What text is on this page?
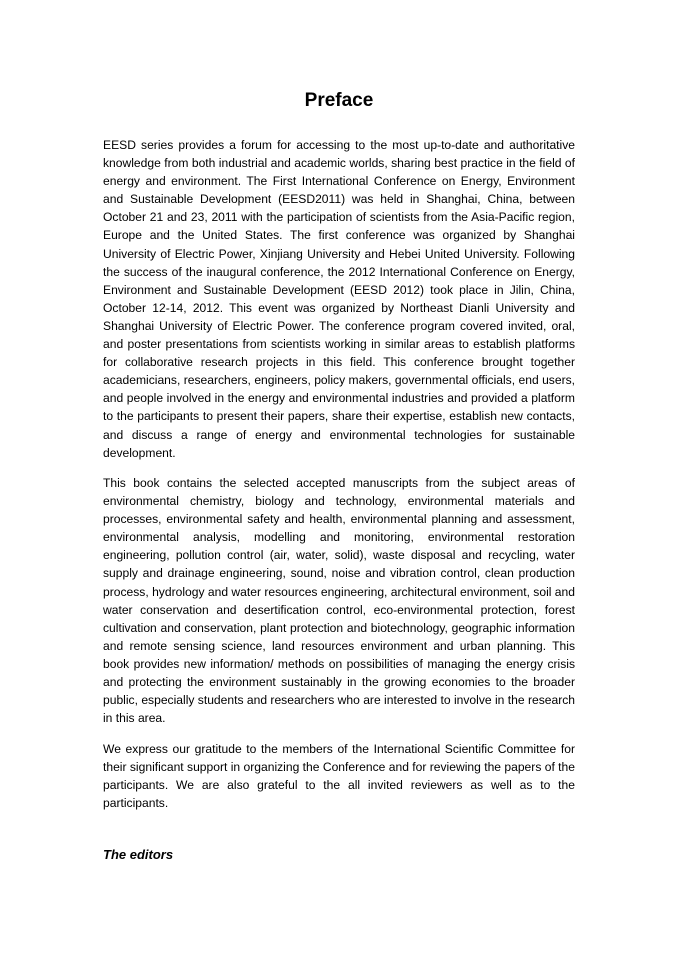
Preface

EESD series provides a forum for accessing to the most up-to-date and authoritative knowledge from both industrial and academic worlds, sharing best practice in the field of energy and environment. The First International Conference on Energy, Environment and Sustainable Development (EESD2011) was held in Shanghai, China, between October 21 and 23, 2011 with the participation of scientists from the Asia-Pacific region, Europe and the United States. The first conference was organized by Shanghai University of Electric Power, Xinjiang University and Hebei United University. Following the success of the inaugural conference, the 2012 International Conference on Energy, Environment and Sustainable Development (EESD 2012) took place in Jilin, China, October 12-14, 2012. This event was organized by Northeast Dianli University and Shanghai University of Electric Power. The conference program covered invited, oral, and poster presentations from scientists working in similar areas to establish platforms for collaborative research projects in this field. This conference brought together academicians, researchers, engineers, policy makers, governmental officials, end users, and people involved in the energy and environmental industries and provided a platform to the participants to present their papers, share their expertise, establish new contacts, and discuss a range of energy and environmental technologies for sustainable development.

This book contains the selected accepted manuscripts from the subject areas of environmental chemistry, biology and technology, environmental materials and processes, environmental safety and health, environmental planning and assessment, environmental analysis, modelling and monitoring, environmental restoration engineering, pollution control (air, water, solid), waste disposal and recycling, water supply and drainage engineering, sound, noise and vibration control, clean production process, hydrology and water resources engineering, architectural environment, soil and water conservation and desertification control, eco-environmental protection, forest cultivation and conservation, plant protection and biotechnology, geographic information and remote sensing science, land resources environment and urban planning. This book provides new information/ methods on possibilities of managing the energy crisis and protecting the environment sustainably in the growing economies to the broader public, especially students and researchers who are interested to involve in the research in this area.

We express our gratitude to the members of the International Scientific Committee for their significant support in organizing the Conference and for reviewing the papers of the participants. We are also grateful to the all invited reviewers as well as to the participants.

The editors
